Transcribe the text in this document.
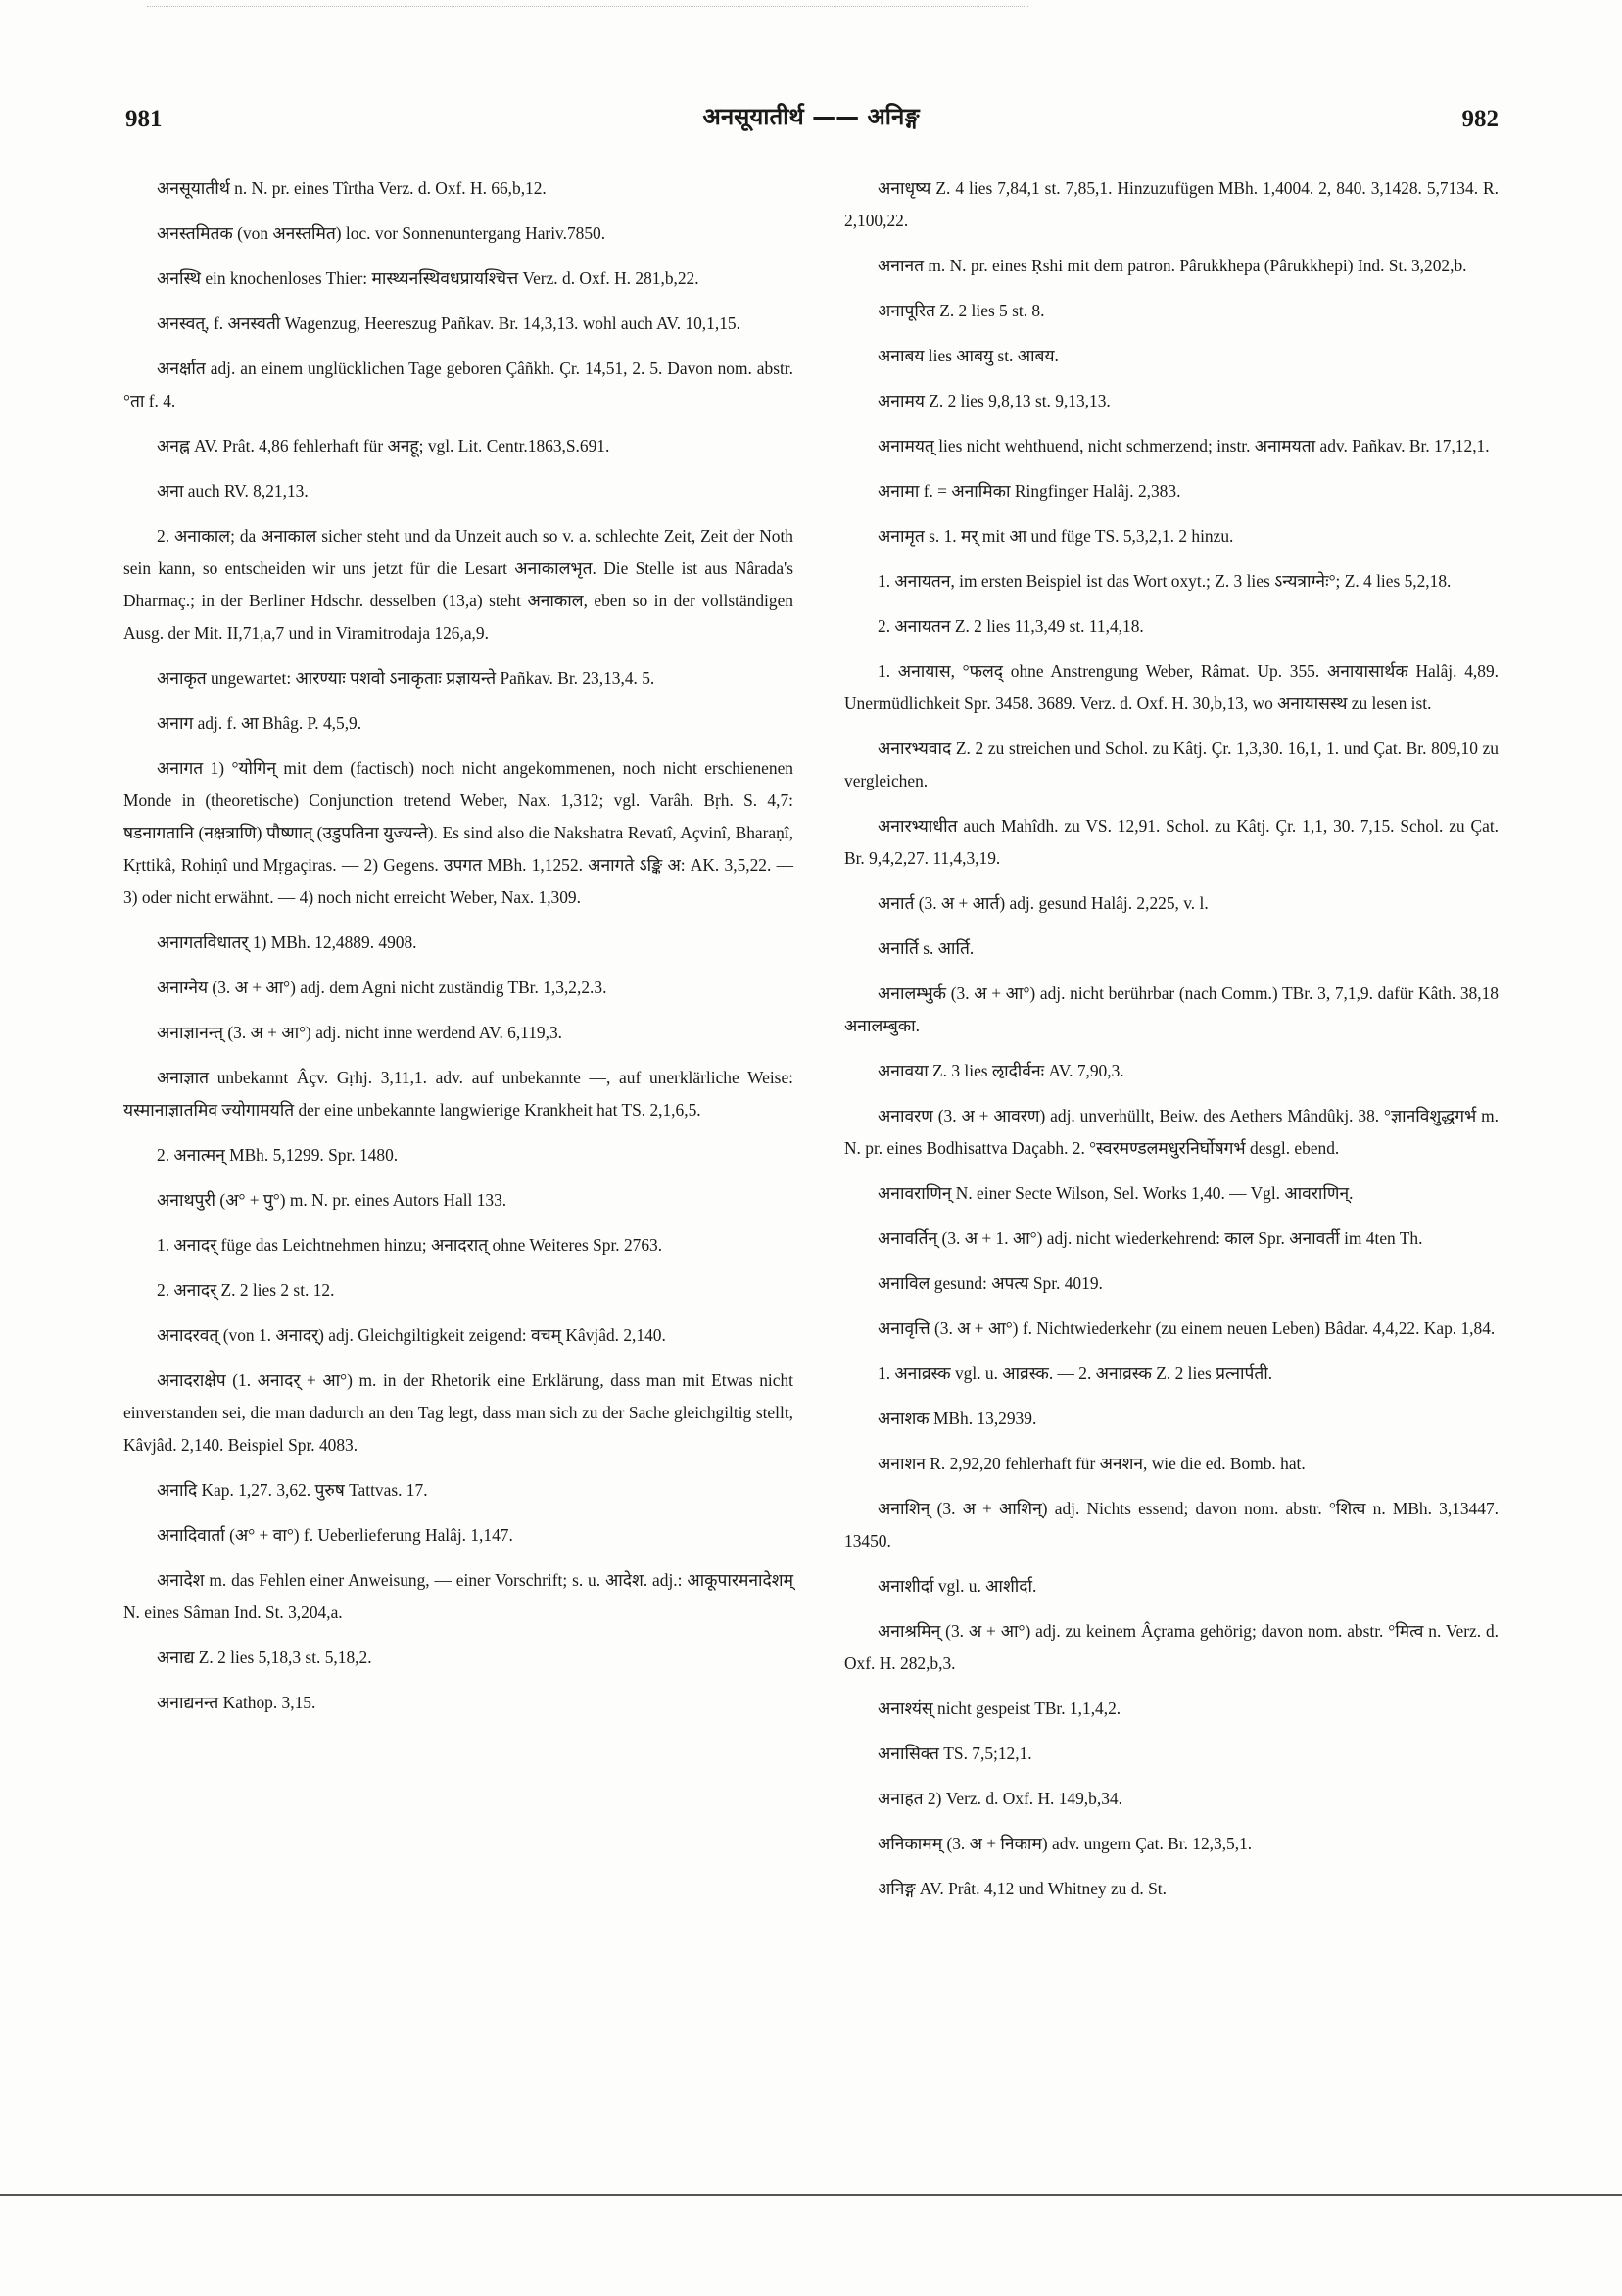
981	अनसूयातीर्थ —— अनिङ्ग	982

अनसूयातीर्थ n. N. pr. eines Tîrtha Verz. d. Oxf. H. 66,b,12.

अनस्तमितक (von अनस्तमित) loc. vor Sonnenuntergang Hariv.7850.

अनस्थि ein knochenloses Thier: मास्थ्यनस्थिवधप्रायश्चित्त Verz. d. Oxf. H. 281,b,22.

अनस्वत्, f. अनस्वती Wagenzug, Heereszug Pañkav. Br. 14,3,13. wohl auch AV. 10,1,15.

अनर्क्षात adj. an einem unglücklichen Tage geboren Çâñkh. Çr. 14,51, 2. 5. Davon nom. abstr. °ता f. 4.

अनह्न AV. Prât. 4,86 fehlerhaft für अनहू; vgl. Lit. Centr.1863,S.691.

अना auch RV. 8,21,13.

2. अनाकाल; da अनाकाल sicher steht und da Unzeit auch so v. a. schlechte Zeit, Zeit der Noth sein kann, so entscheiden wir uns jetzt für die Lesart अनाकालभृत. Die Stelle ist aus Nârada's Dharmaç.; in der Berliner Hdschr. desselben (13,a) steht अनाकाल, eben so in der vollständigen Ausg. der Mit. II,71,a,7 und in Viramitrodaja 126,a,9.

अनाकृत ungewartet: आरण्याः पशवो ऽनाकृताः प्रज्ञायन्ते Pañkav. Br. 23,13,4. 5.

अनाग adj. f. आ Bhâg. P. 4,5,9.

अनागत 1) °योगिन् mit dem (factisch) noch nicht angekommenen, noch nicht erschienenen Monde in (theoretische) Conjunction tretend Weber, Nax. 1,312; vgl. Varâh. Bṛh. S. 4,7: षडनागतानि (नक्षत्राणि) पौष्णात् (उडुपतिना युज्यन्ते). Es sind also die Nakshatra Revatî, Açvinî, Bharaṇî, Kṛttikâ, Rohiṇî und Mṛgaçiras. — 2) Gegens. उपगत MBh. 1,1252. अनागते ऽङ्कि अ: AK. 3,5,22. — 3) oder nicht erwähnt. — 4) noch nicht erreicht Weber, Nax. 1,309.

अनागतविधातर् 1) MBh. 12,4889. 4908.

अनाग्नेय (3. अ + आ°) adj. dem Agni nicht zuständig TBr. 1,3,2,2.3.

अनाज्ञानन्त् (3. अ + आ°) adj. nicht inne werdend AV. 6,119,3.

अनाज्ञात unbekannt Âçv. Gṛhj. 3,11,1. adv. auf unbekannte —, auf unerklärliche Weise: यस्मानाज्ञातमिव ज्योगामयति der eine unbekannte langwierige Krankheit hat TS. 2,1,6,5.

2. अनात्मन् MBh. 5,1299. Spr. 1480.

अनाथपुरी (अ° + पु°) m. N. pr. eines Autors Hall 133.

1. अनादर् füge das Leichtnehmen hinzu; अनादरात् ohne Weiteres Spr. 2763.

2. अनादर् Z. 2 lies 2 st. 12.

अनादरवत् (von 1. अनादर्) adj. Gleichgiltigkeit zeigend: वचम् Kâvjâd. 2,140.

अनादराक्षेप (1. अनादर् + आ°) m. in der Rhetorik eine Erklärung, dass man mit Etwas nicht einverstanden sei, die man dadurch an den Tag legt, dass man sich zu der Sache gleichgiltig stellt, Kâvjâd. 2,140. Beispiel Spr. 4083.

अनादि Kap. 1,27. 3,62. पुरुष Tattvas. 17.

अनादिवार्ता (अ° + वा°) f. Ueberlieferung Halâj. 1,147.

अनादेश m. das Fehlen einer Anweisung, — einer Vorschrift; s. u. आदेश. adj.: आकूपारमनादेशम् N. eines Sâman Ind. St. 3,204,a.

अनाद्य Z. 2 lies 5,18,3 st. 5,18,2.

अनाद्यनन्त Kathop. 3,15.

अनाधृष्य Z. 4 lies 7,84,1 st. 7,85,1. Hinzuzufügen MBh. 1,4004. 2, 840. 3,1428. 5,7134. R. 2,100,22.

अनानत m. N. pr. eines Ṛshi mit dem patron. Pârukkhepa (Pârukkhepi) Ind. St. 3,202,b.

अनापूरित Z. 2 lies 5 st. 8.

अनाबय lies आबयु st. आबय.

अनामय Z. 2 lies 9,8,13 st. 9,13,13.

अनामयत् lies nicht wehthuend, nicht schmerzend; instr. अनामयता adv. Pañkav. Br. 17,12,1.

अनामा f. = अनामिका Ringfinger Halâj. 2,383.

अनामृत s. 1. मर् mit आ und füge TS. 5,3,2,1. 2 hinzu.

1. अनायतन, im ersten Beispiel ist das Wort oxyt.; Z. 3 lies ऽन्यत्राग्नेः°; Z. 4 lies 5,2,18.

2. अनायतन Z. 2 lies 11,3,49 st. 11,4,18.

1. अनायास, °फलद् ohne Anstrengung Weber, Râmat. Up. 355. अनायासार्थक Halâj. 4,89. Unermüdlichkeit Spr. 3458. 3689. Verz. d. Oxf. H. 30,b,13, wo अनायासस्थ zu lesen ist.

अनारभ्यवाद Z. 2 zu streichen und Schol. zu Kâtj. Çr. 1,3,30. 16,1, 1. und Çat. Br. 809,10 zu vergleichen.

अनारभ्याधीत auch Mahîdh. zu VS. 12,91. Schol. zu Kâtj. Çr. 1,1, 30. 7,15. Schol. zu Çat. Br. 9,4,2,27. 11,4,3,19.

अनार्त (3. अ + आर्त) adj. gesund Halâj. 2,225, v. l.

अनार्ति s. आर्ति.

अनालम्भुर्क (3. अ + आ°) adj. nicht berührbar (nach Comm.) TBr. 3, 7,1,9. dafür Kâth. 38,18 अनालम्बुका.

अनावया Z. 3 lies ऌादीर्वनः AV. 7,90,3.

अनावरण (3. अ + आवरण) adj. unverhüllt, Beiw. des Aethers Mândûkj. 38. °ज्ञानविशुद्धगर्भ m. N. pr. eines Bodhisattva Daçabh. 2. °स्वरमण्डलमधुरनिर्घोषगर्भ desgl. ebend.

अनावराणिन् N. einer Secte Wilson, Sel. Works 1,40. — Vgl. आवराणिन्.

अनावर्तिन् (3. अ + 1. आ°) adj. nicht wiederkehrend: काल Spr. अनावर्ती im 4ten Th.

अनाविल gesund: अपत्य Spr. 4019.

अनावृत्ति (3. अ + आ°) f. Nichtwiederkehr (zu einem neuen Leben) Bâdar. 4,4,22. Kap. 1,84.

1. अनाव्रस्क vgl. u. आव्रस्क. — 2. अनाव्रस्क Z. 2 lies प्रत्नार्पती.

अनाशक MBh. 13,2939.

अनाशन R. 2,92,20 fehlerhaft für अनशन, wie die ed. Bomb. hat.

अनाशिन् (3. अ + आशिन्) adj. Nichts essend; davon nom. abstr. °शित्व n. MBh. 3,13447. 13450.

अनाशीर्दा vgl. u. आशीर्दा.

अनाश्रमिन् (3. अ + आ°) adj. zu keinem Âçrama gehörig; davon nom. abstr. °मित्व n. Verz. d. Oxf. H. 282,b,3.

अनाश्यंस् nicht gespeist TBr. 1,1,4,2.

अनासिक्त TS. 7,5;12,1.

अनाहत 2) Verz. d. Oxf. H. 149,b,34.

अनिकामम् (3. अ + निकाम) adv. ungern Çat. Br. 12,3,5,1.

अनिङ्ग AV. Prât. 4,12 und Whitney zu d. St.
